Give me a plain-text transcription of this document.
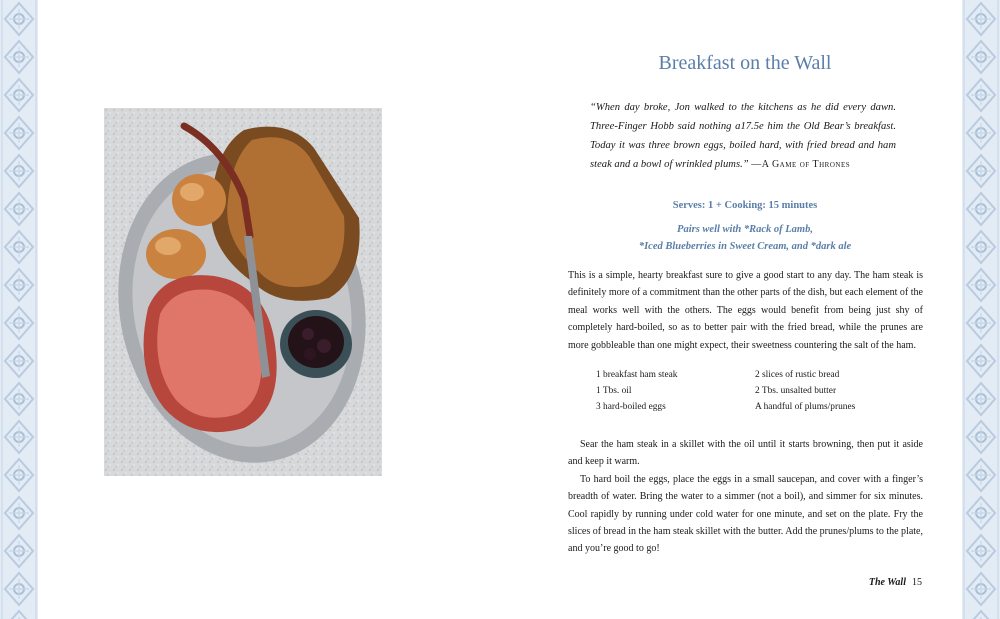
Breakfast on the Wall
“When day broke, Jon walked to the kitchens as he did every dawn. Three-Finger Hobb said nothing a17.5e him the Old Bear’s breakfast. Today it was three brown eggs, boiled hard, with fried bread and ham steak and a bowl of wrinkled plums.” —A Game of Thrones
Serves: 1 + Cooking: 15 minutes
Pairs well with *Rack of Lamb,
*Iced Blueberries in Sweet Cream, and *dark ale
This is a simple, hearty breakfast sure to give a good start to any day. The ham steak is definitely more of a commitment than the other parts of the dish, but each element of the meal works well with the others. The eggs would benefit from being just shy of completely hard-boiled, so as to better pair with the fried bread, while the prunes are more gobbleable than one might expect, their sweetness countering the salt of the ham.
1 breakfast ham steak
1 Tbs. oil
3 hard-boiled eggs
2 slices of rustic bread
2 Tbs. unsalted butter
A handful of plums/prunes

Sear the ham steak in a skillet with the oil until it starts browning, then put it aside and keep it warm.

To hard boil the eggs, place the eggs in a small saucepan, and cover with a finger’s breadth of water. Bring the water to a simmer (not a boil), and simmer for six minutes. Cool rapidly by running under cold water for one minute, and set on the plate. Fry the slices of bread in the ham steak skillet with the butter. Add the prunes/plums to the plate, and you’re good to go!

The Wall 15
